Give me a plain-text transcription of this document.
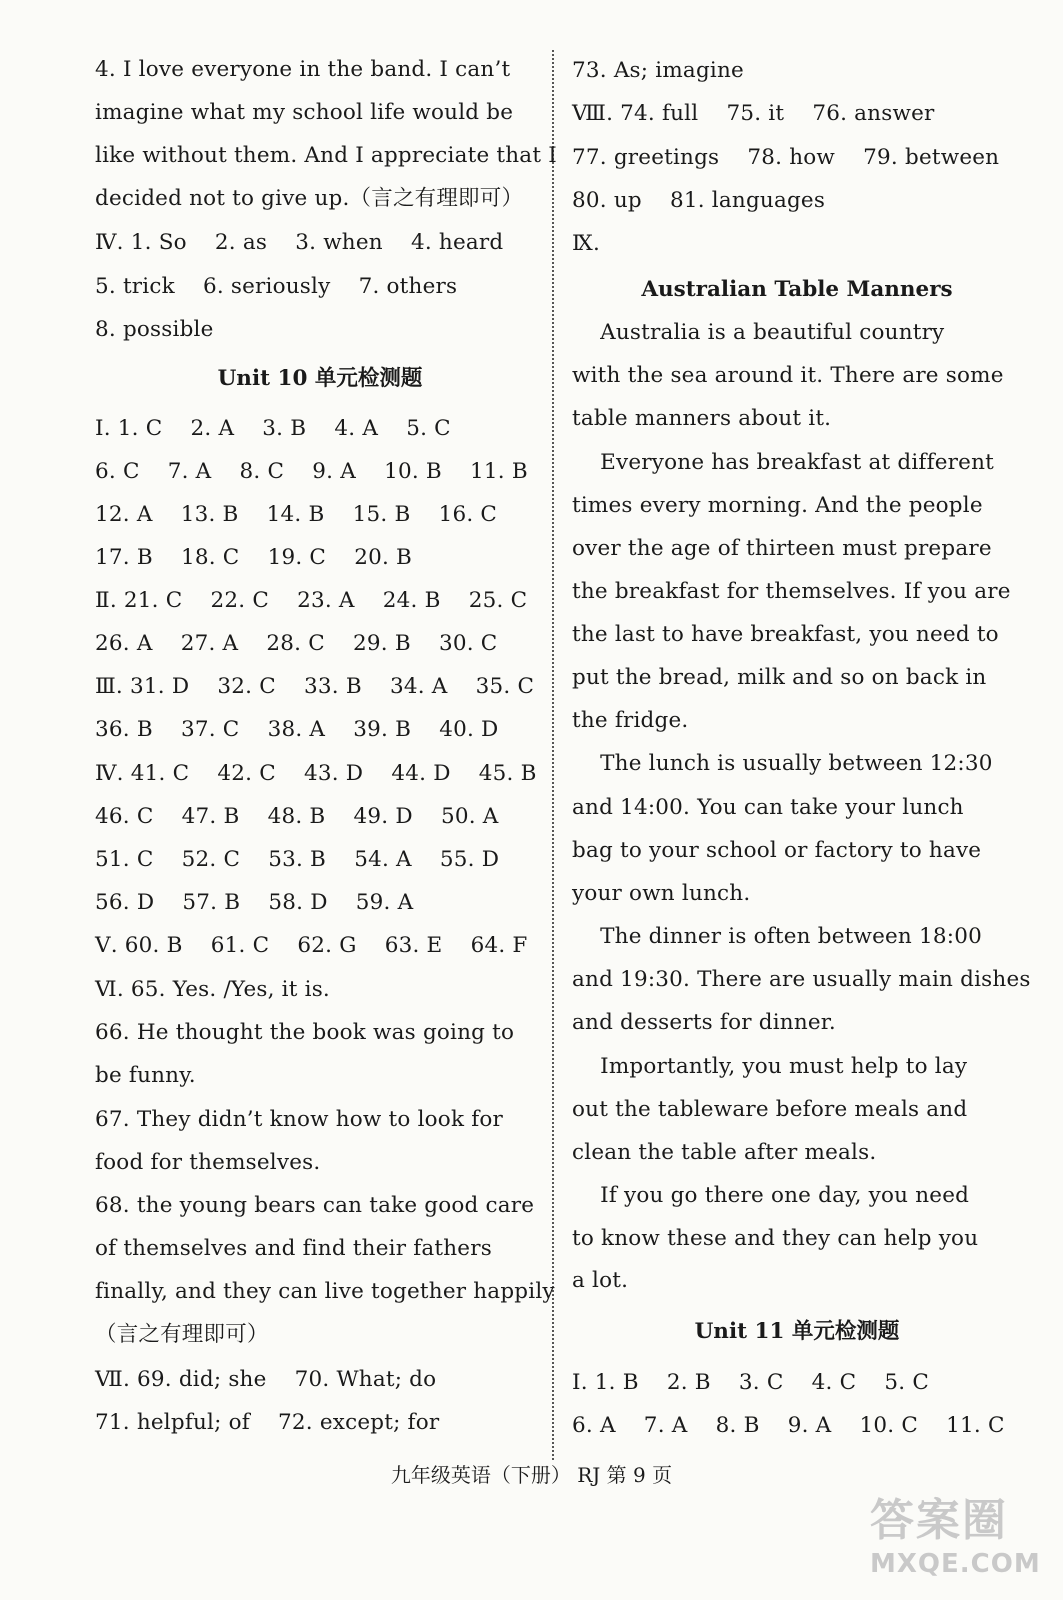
4. I love everyone in the band. I can’t
imagine what my school life would be
like without them. And I appreciate that I
decided not to give up.（言之有理即可）
Ⅳ. 1. So    2. as    3. when    4. heard
5. trick    6. seriously    7. others
8. possible
Unit 10 单元检测题
Ⅰ. 1. C    2. A    3. B    4. A    5. C
6. C    7. A    8. C    9. A    10. B    11. B
12. A    13. B    14. B    15. B    16. C
17. B    18. C    19. C    20. B
Ⅱ. 21. C    22. C    23. A    24. B    25. C
26. A    27. A    28. C    29. B    30. C
Ⅲ. 31. D    32. C    33. B    34. A    35. C
36. B    37. C    38. A    39. B    40. D
Ⅳ. 41. C    42. C    43. D    44. D    45. B
46. C    47. B    48. B    49. D    50. A
51. C    52. C    53. B    54. A    55. D
56. D    57. B    58. D    59. A
Ⅴ. 60. B    61. C    62. G    63. E    64. F
Ⅵ. 65. Yes. /Yes, it is.
66. He thought the book was going to
be funny.
67. They didn’t know how to look for
food for themselves.
68. the young bears can take good care
of themselves and find their fathers
finally, and they can live together happily
（言之有理即可）
Ⅶ. 69. did; she    70. What; do
71. helpful; of    72. except; for
73. As; imagine
Ⅷ. 74. full    75. it    76. answer
77. greetings    78. how    79. between
80. up    81. languages
Ⅸ.
Australian Table Manners
Australia is a beautiful country
with the sea around it. There are some
table manners about it.
Everyone has breakfast at different
times every morning. And the people
over the age of thirteen must prepare
the breakfast for themselves. If you are
the last to have breakfast, you need to
put the bread, milk and so on back in
the fridge.
The lunch is usually between 12:30
and 14:00. You can take your lunch
bag to your school or factory to have
your own lunch.
The dinner is often between 18:00
and 19:30. There are usually main dishes
and desserts for dinner.
Importantly, you must help to lay
out the tableware before meals and
clean the table after meals.
If you go there one day, you need
to know these and they can help you
a lot.
Unit 11 单元检测题
Ⅰ. 1. B    2. B    3. C    4. C    5. C
6. A    7. A    8. B    9. A    10. C    11. C
九年级英语（下册） RJ 第 9 页
答案圈
MXQE.COM
